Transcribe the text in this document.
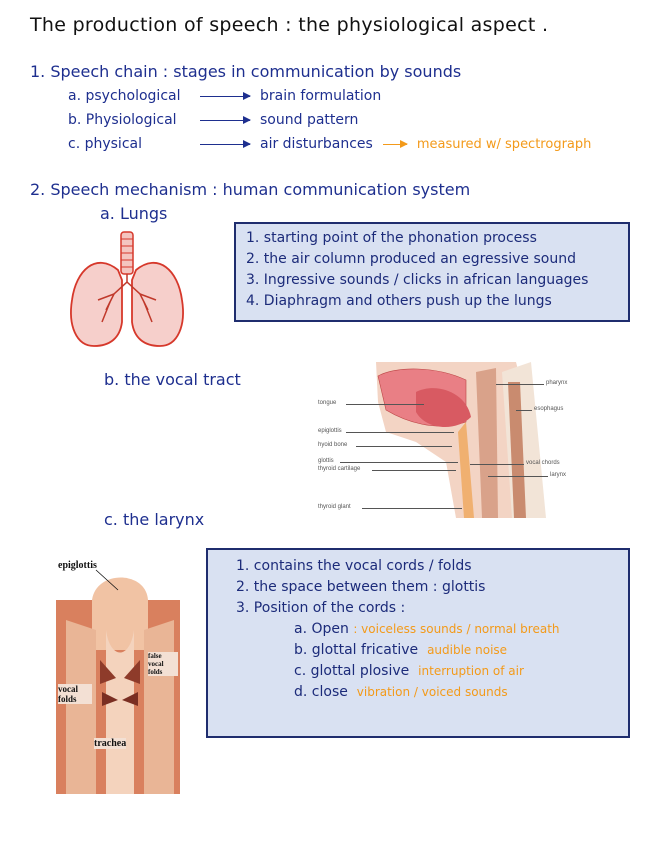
The production of speech : the physiological aspect .
1. Speech chain : stages in communication by sounds
a. psychological	brain formulation
b. Physiological	sound pattern
c. physical	air disturbances	measured w/ spectrograph
2. Speech mechanism : human communication system
a. Lungs
1. starting point of the phonation process
2. the air column produced an egressive sound
3. Ingressive sounds / clicks in african languages
4. Diaphragm and others push up the lungs
b. the vocal tract
tongue
epiglottis
hyoid bone
glottis
thyroid cartilage
thyroid glant
pharynx
esophagus
vocal chords
larynx
c. the larynx
epiglottis
false vocal folds
vocal folds
trachea
1. contains the vocal cords / folds
2. the space between them : glottis
3. Position of the cords :
a. Open : voiceless sounds / normal breath
b. glottal fricative audible noise
c. glottal plosive interruption of air
d. close vibration / voiced sounds
